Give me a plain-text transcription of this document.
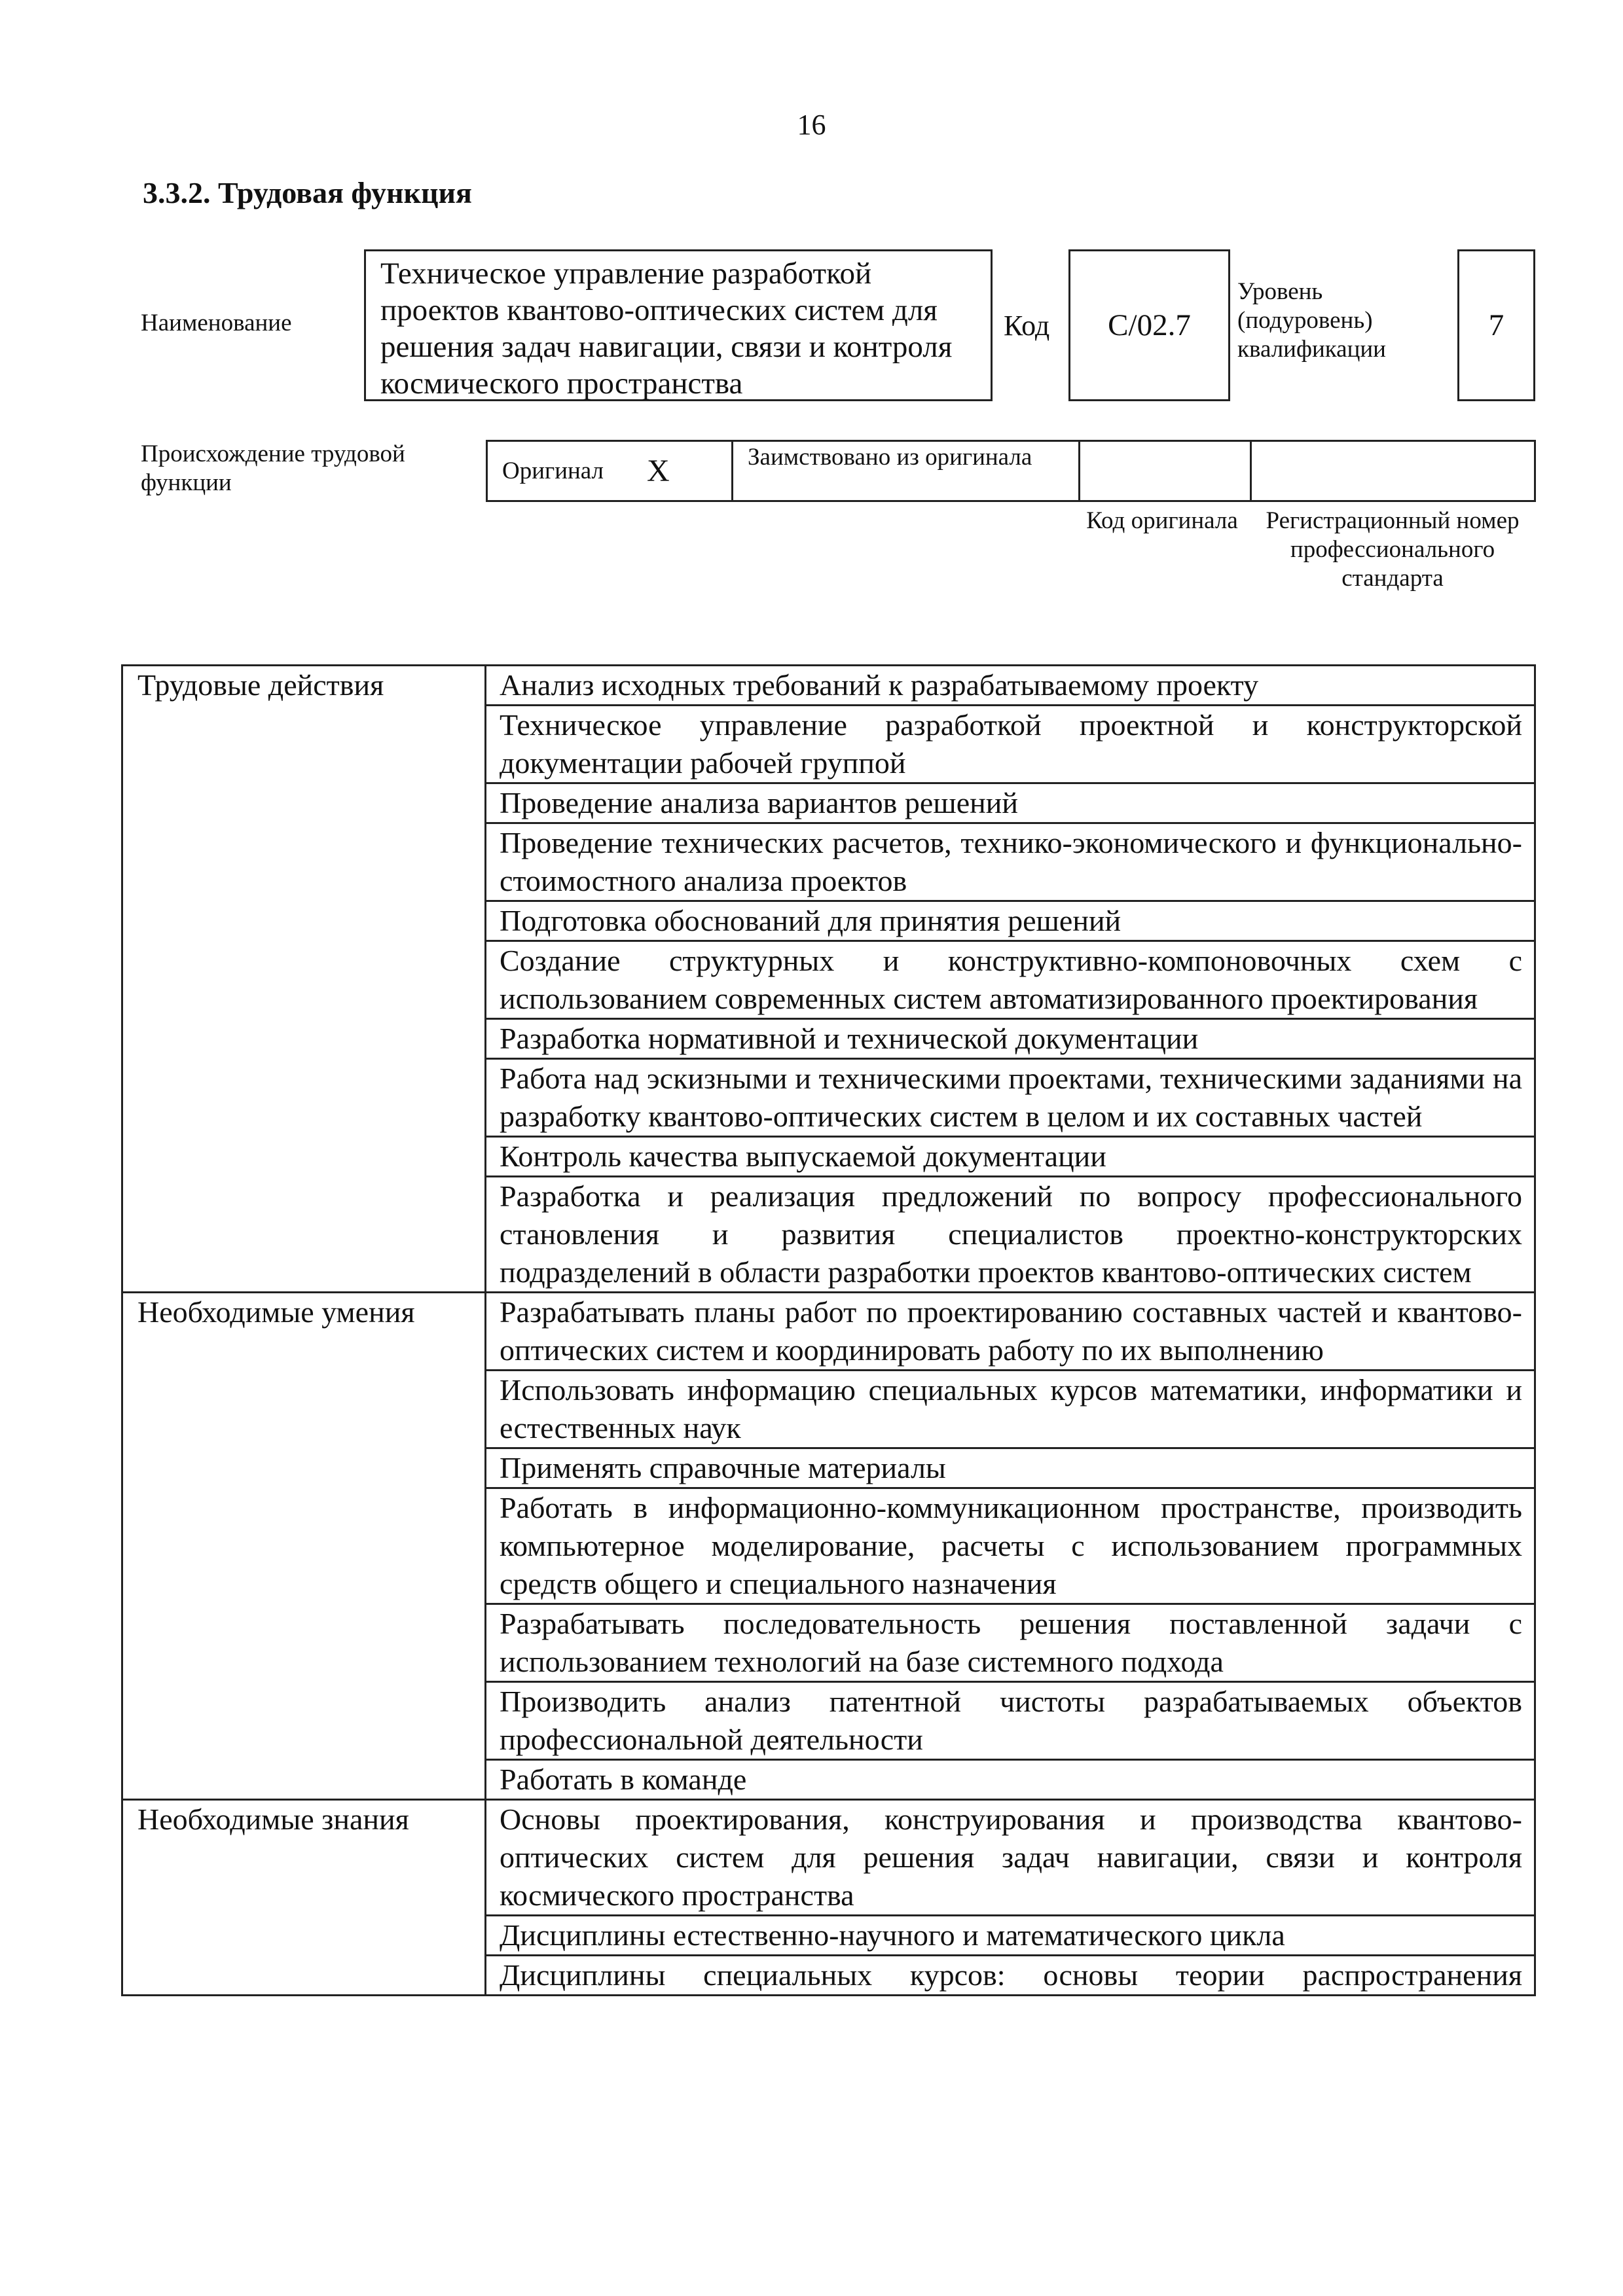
16
3.3.2. Трудовая функция
Наименование
Техническое управление разработкой проектов квантово-оптических систем для решения задач навигации, связи и контроля космического пространства
Код	C/02.7
Уровень (подуровень) квалификации
7
Происхождение трудовой функции	Оригинал X	Заимствовано из оригинала
Код оригинала	Регистрационный номер профессионального стандарта
Трудовые действия	Анализ исходных требований к разрабатываемому проекту
	Техническое управление разработкой проектной и конструкторской документации рабочей группой
	Проведение анализа вариантов решений
	Проведение технических расчетов, технико-экономического и функционально-стоимостного анализа проектов
	Подготовка обоснований для принятия решений
	Создание структурных и конструктивно-компоновочных схем с использованием современных систем автоматизированного проектирования
	Разработка нормативной и технической документации
	Работа над эскизными и техническими проектами, техническими заданиями на разработку квантово-оптических систем в целом и их составных частей
	Контроль качества выпускаемой документации
	Разработка и реализация предложений по вопросу профессионального становления и развития специалистов проектно-конструкторских подразделений в области разработки проектов квантово-оптических систем
Необходимые умения	Разрабатывать планы работ по проектированию составных частей и квантово-оптических систем и координировать работу по их выполнению
	Использовать информацию специальных курсов математики, информатики и естественных наук
	Применять справочные материалы
	Работать в информационно-коммуникационном пространстве, производить компьютерное моделирование, расчеты с использованием программных средств общего и специального назначения
	Разрабатывать последовательность решения поставленной задачи с использованием технологий на базе системного подхода
	Производить анализ патентной чистоты разрабатываемых объектов профессиональной деятельности
	Работать в команде
Необходимые знания	Основы проектирования, конструирования и производства квантово-оптических систем для решения задач навигации, связи и контроля космического пространства
	Дисциплины естественно-научного и математического цикла
	Дисциплины специальных курсов: основы теории распространения
